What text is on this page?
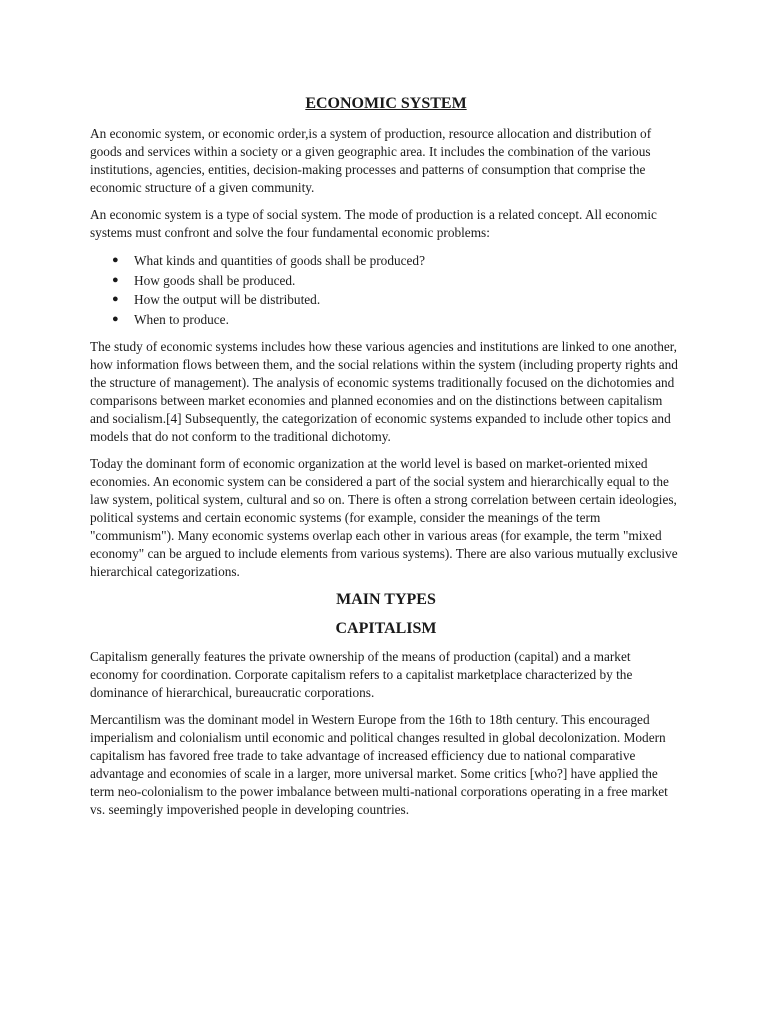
ECONOMIC SYSTEM

An economic system, or economic order,is a system of production, resource allocation and distribution of goods and services within a society or a given geographic area. It includes the combination of the various institutions, agencies, entities, decision-making processes and patterns of consumption that comprise the economic structure of a given community.

An economic system is a type of social system. The mode of production is a related concept. All economic systems must confront and solve the four fundamental economic problems:

● What kinds and quantities of goods shall be produced?
● How goods shall be produced.
● How the output will be distributed.
● When to produce.

The study of economic systems includes how these various agencies and institutions are linked to one another, how information flows between them, and the social relations within the system (including property rights and the structure of management). The analysis of economic systems traditionally focused on the dichotomies and comparisons between market economies and planned economies and on the distinctions between capitalism and socialism.[4] Subsequently, the categorization of economic systems expanded to include other topics and models that do not conform to the traditional dichotomy.

Today the dominant form of economic organization at the world level is based on market-oriented mixed economies. An economic system can be considered a part of the social system and hierarchically equal to the law system, political system, cultural and so on. There is often a strong correlation between certain ideologies, political systems and certain economic systems (for example, consider the meanings of the term "communism"). Many economic systems overlap each other in various areas (for example, the term "mixed economy" can be argued to include elements from various systems). There are also various mutually exclusive hierarchical categorizations.

MAIN TYPES
CAPITALISM

Capitalism generally features the private ownership of the means of production (capital) and a market economy for coordination. Corporate capitalism refers to a capitalist marketplace characterized by the dominance of hierarchical, bureaucratic corporations.

Mercantilism was the dominant model in Western Europe from the 16th to 18th century. This encouraged imperialism and colonialism until economic and political changes resulted in global decolonization. Modern capitalism has favored free trade to take advantage of increased efficiency due to national comparative advantage and economies of scale in a larger, more universal market. Some critics [who?] have applied the term neo-colonialism to the power imbalance between multi-national corporations operating in a free market vs. seemingly impoverished people in developing countries.
